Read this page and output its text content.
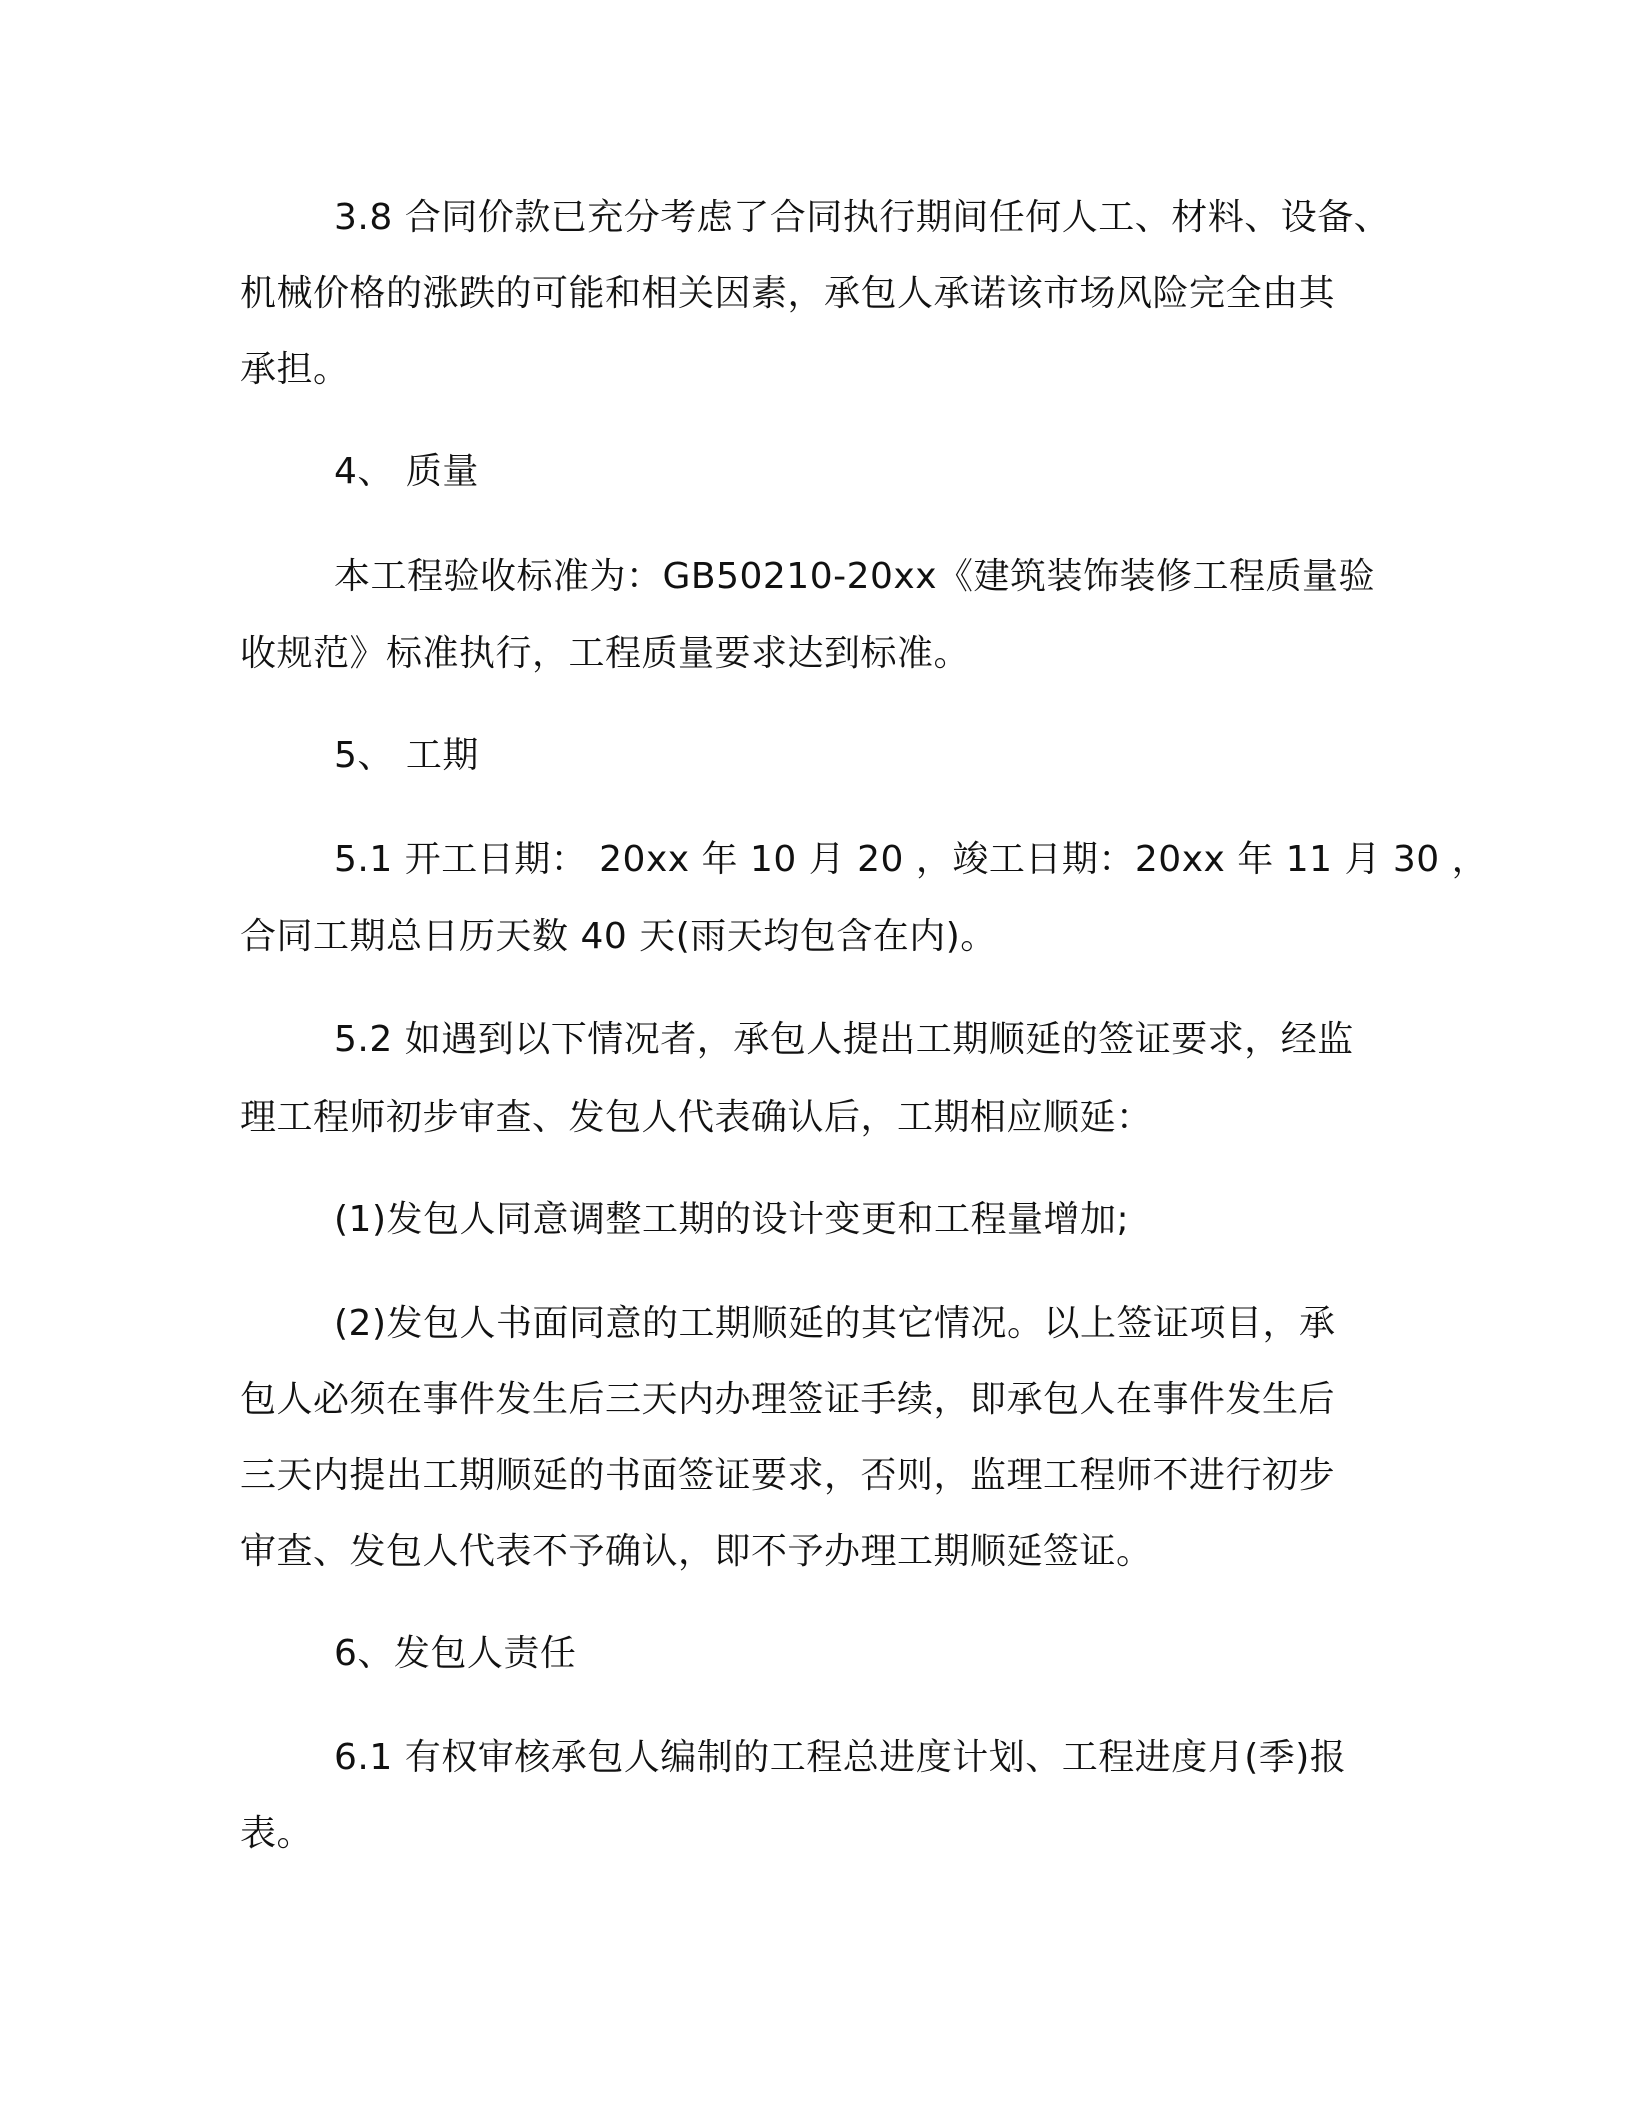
3.8 合同价款已充分考虑了合同执行期间任何人工、材料、设备、
机械价格的涨跌的可能和相关因素，承包人承诺该市场风险完全由其
承担。
4、 质量
本工程验收标准为：GB50210-20xx《建筑装饰装修工程质量验
收规范》标准执行，工程质量要求达到标准。
5、 工期
5.1 开工日期： 20xx 年 10 月 20 ，竣工日期：20xx 年 11 月 30 ，
合同工期总日历天数 40 天(雨天均包含在内)。
5.2 如遇到以下情况者，承包人提出工期顺延的签证要求，经监
理工程师初步审查、发包人代表确认后，工期相应顺延：
(1)发包人同意调整工期的设计变更和工程量增加;
(2)发包人书面同意的工期顺延的其它情况。以上签证项目，承
包人必须在事件发生后三天内办理签证手续，即承包人在事件发生后
三天内提出工期顺延的书面签证要求，否则，监理工程师不进行初步
审查、发包人代表不予确认，即不予办理工期顺延签证。
6、发包人责任
6.1 有权审核承包人编制的工程总进度计划、工程进度月(季)报
表。
